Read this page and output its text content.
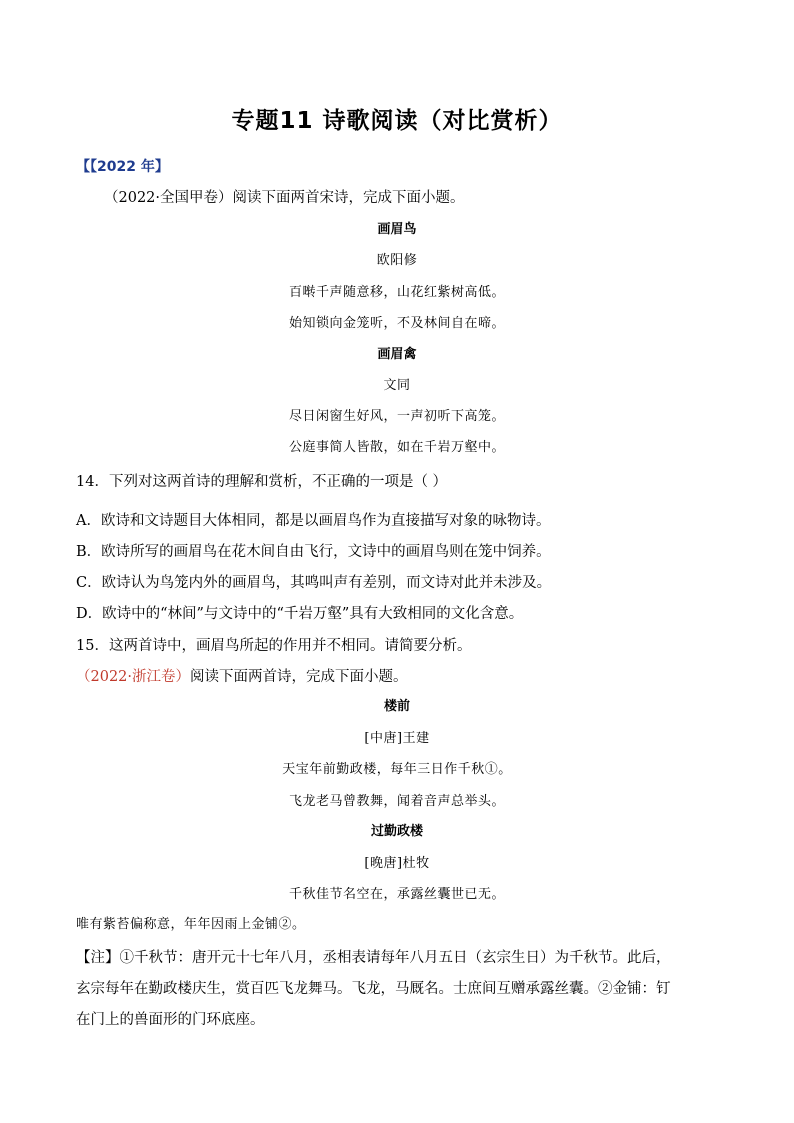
专题11 诗歌阅读（对比赏析）
【【2022 年】
（2022·全国甲卷）阅读下面两首宋诗，完成下面小题。
画眉鸟
欧阳修
百啭千声随意移，山花红紫树高低。
始知锁向金笼听，不及林间自在啼。
画眉禽
文同
尽日闲窗生好风，一声初听下高笼。
公庭事简人皆散，如在千岩万壑中。
14．下列对这两首诗的理解和赏析，不正确的一项是（ ）
A．欧诗和文诗题目大体相同，都是以画眉鸟作为直接描写对象的咏物诗。
B．欧诗所写的画眉鸟在花木间自由飞行，文诗中的画眉鸟则在笼中饲养。
C．欧诗认为鸟笼内外的画眉鸟，其鸣叫声有差别，而文诗对此并未涉及。
D．欧诗中的“林间”与文诗中的“千岩万壑”具有大致相同的文化含意。
15．这两首诗中，画眉鸟所起的作用并不相同。请简要分析。
（2022·浙江卷）阅读下面两首诗，完成下面小题。
楼前
[中唐]王建
天宝年前勤政楼，每年三日作千秋①。
飞龙老马曾教舞，闻着音声总举头。
过勤政楼
[晚唐]杜牧
千秋佳节名空在，承露丝囊世已无。
唯有紫苔偏称意，年年因雨上金铺②。
【注】①千秋节：唐开元十七年八月，丞相表请每年八月五日（玄宗生日）为千秋节。此后，
玄宗每年在勤政楼庆生，赏百匹飞龙舞马。飞龙，马厩名。士庶间互赠承露丝囊。②金铺：钉
在门上的兽面形的门环底座。
